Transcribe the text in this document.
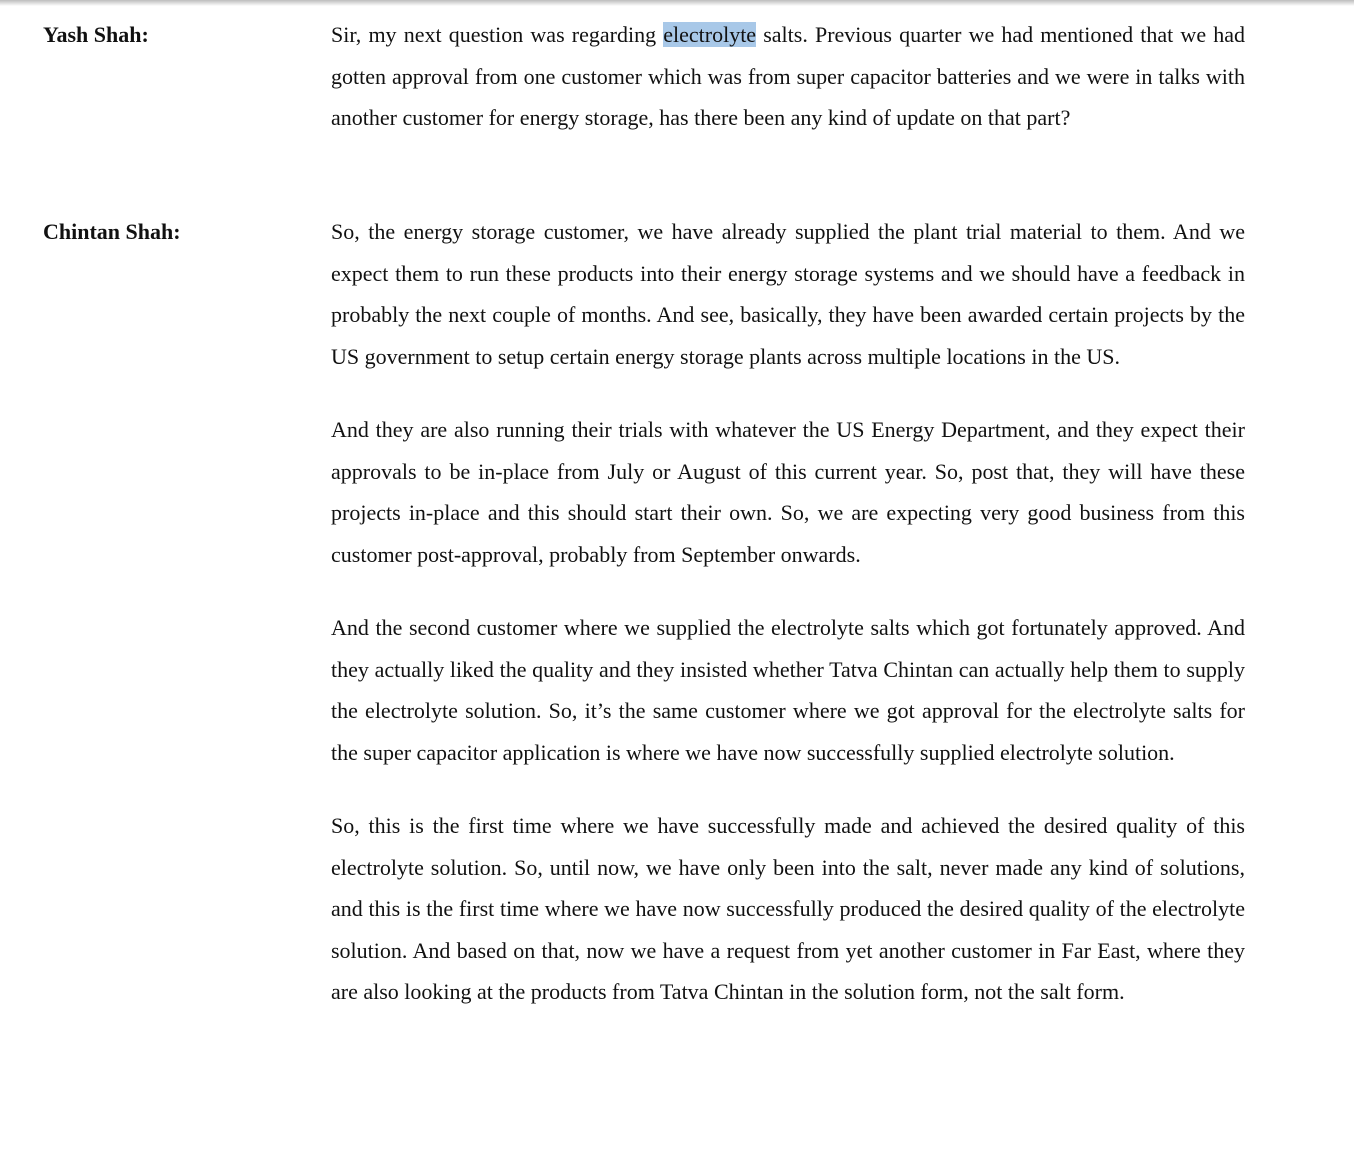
Yash Shah:	Sir, my next question was regarding electrolyte salts. Previous quarter we had mentioned that we had gotten approval from one customer which was from super capacitor batteries and we were in talks with another customer for energy storage, has there been any kind of update on that part?

Chintan Shah:	So, the energy storage customer, we have already supplied the plant trial material to them. And we expect them to run these products into their energy storage systems and we should have a feedback in probably the next couple of months. And see, basically, they have been awarded certain projects by the US government to setup certain energy storage plants across multiple locations in the US.

And they are also running their trials with whatever the US Energy Department, and they expect their approvals to be in-place from July or August of this current year. So, post that, they will have these projects in-place and this should start their own. So, we are expecting very good business from this customer post-approval, probably from September onwards.

And the second customer where we supplied the electrolyte salts which got fortunately approved. And they actually liked the quality and they insisted whether Tatva Chintan can actually help them to supply the electrolyte solution. So, it’s the same customer where we got approval for the electrolyte salts for the super capacitor application is where we have now successfully supplied electrolyte solution.

So, this is the first time where we have successfully made and achieved the desired quality of this electrolyte solution. So, until now, we have only been into the salt, never made any kind of solutions, and this is the first time where we have now successfully produced the desired quality of the electrolyte solution. And based on that, now we have a request from yet another customer in Far East, where they are also looking at the products from Tatva Chintan in the solution form, not the salt form.
